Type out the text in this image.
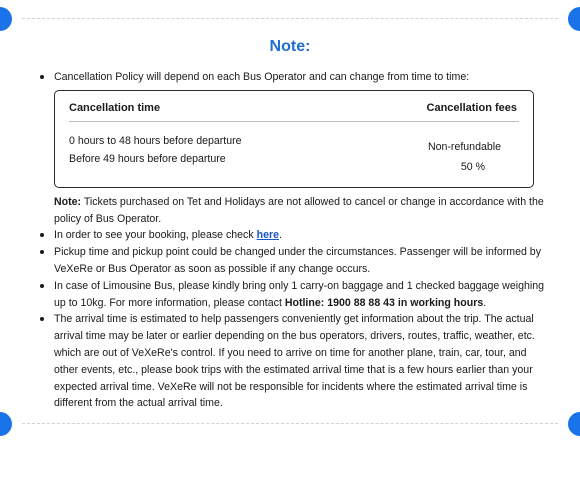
Note:
Cancellation Policy will depend on each Bus Operator and can change from time to time:
Cancellation time	Cancellation fees
0 hours to 48 hours before departure	Non-refundable
Before 49 hours before departure
50 %
Note: Tickets purchased on Tet and Holidays are not allowed to cancel or change in accordance with the policy of Bus Operator.
In order to see your booking, please check here.
Pickup time and pickup point could be changed under the circumstances. Passenger will be informed by VeXeRe or Bus Operator as soon as possible if any change occurs.
In case of Limousine Bus, please kindly bring only 1 carry-on baggage and 1 checked baggage weighing up to 10kg. For more information, please contact Hotline: 1900 88 88 43 in working hours.
The arrival time is estimated to help passengers conveniently get information about the trip. The actual arrival time may be later or earlier depending on the bus operators, drivers, routes, traffic, weather, etc. which are out of VeXeRe's control. If you need to arrive on time for another plane, train, car, tour, and other events, etc., please book trips with the estimated arrival time that is a few hours earlier than your expected arrival time. VeXeRe will not be responsible for incidents where the estimated arrival time is different from the actual arrival time.
